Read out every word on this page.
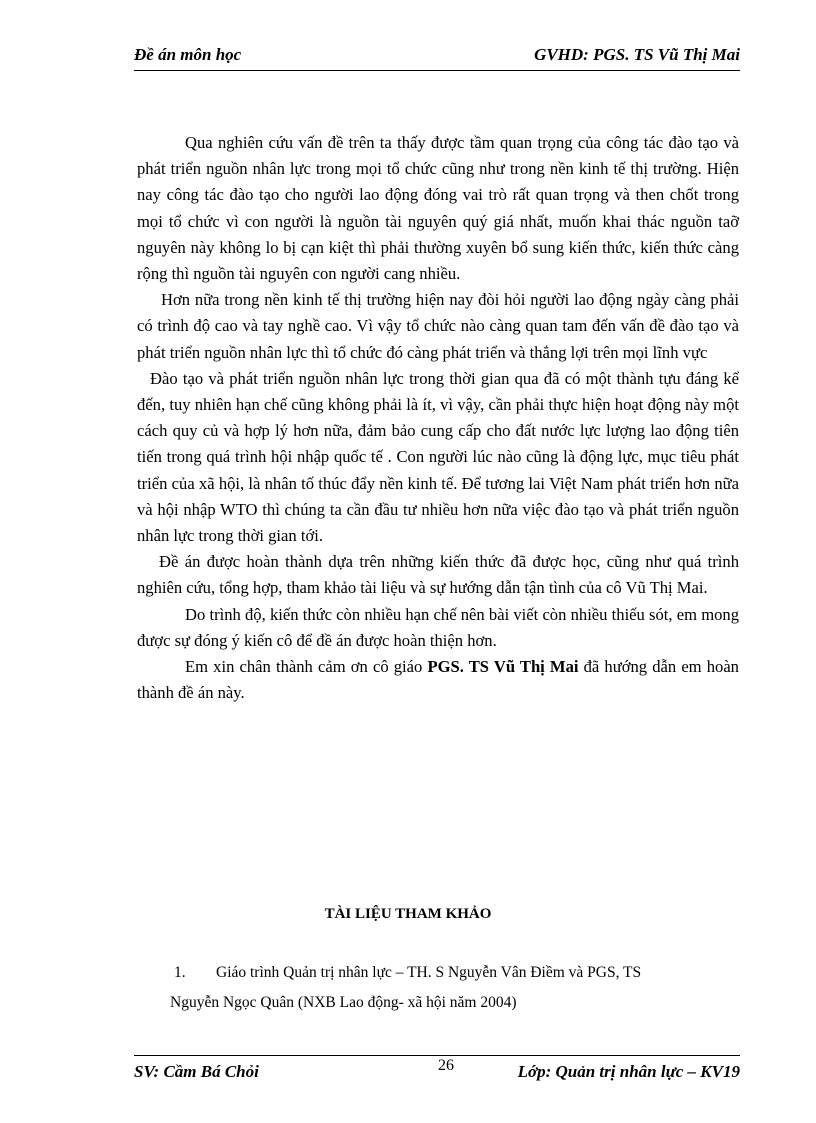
Đề án môn học	GVHD: PGS. TS Vũ Thị Mai

Qua nghiên cứu vấn đề trên ta thấy được tầm quan trọng của công tác đào tạo và phát triển nguồn nhân lực trong mọi tổ chức cũng như trong nền kinh tế thị trường. Hiện nay công tác đào tạo cho người lao động đóng vai trò rất quan trọng và then chốt trong mọi tổ chức vì con người là nguồn tài nguyên quý giá nhất, muốn khai thác nguồn taỡ nguyên này không lo bị cạn kiệt thì phải thường xuyên bổ sung kiến thức, kiến thức càng rộng thì nguồn tài nguyên con người cang nhiều.

Hơn nữa trong nền kinh tế thị trường hiện nay đòi hỏi người lao động ngày càng phải có trình độ cao và tay nghề cao. Vì vậy tổ chức nào càng quan tam đến vấn đề đào tạo và phát triển nguồn nhân lực thì tổ chức đó càng phát triển và thắng lợi trên mọi lĩnh vực

Đào tạo và phát triển nguồn nhân lực trong thời gian qua đã có một thành tựu đáng kể đến, tuy nhiên hạn chế cũng không phải là ít, vì vậy, cần phải thực hiện hoạt động này một cách quy củ và hợp lý hơn nữa, đảm bảo cung cấp cho đất nước lực lượng lao động tiên tiến trong quá trình hội nhập quốc tế . Con người lúc nào cũng là động lực, mục tiêu phát triển của xã hội, là nhân tố thúc đẩy nền kinh tế. Để tương lai Việt Nam phát triển hơn nữa và hội nhập WTO thì chúng ta cần đầu tư nhiều hơn nữa việc đào tạo và phát triển nguồn nhân lực trong thời gian tới.

Đề án được hoàn thành dựa trên những kiến thức đã được học, cũng như quá trình nghiên cứu, tổng hợp, tham khảo tài liệu và sự hướng dẫn tận tình của cô Vũ Thị Mai.

Do trình độ, kiến thức còn nhiều hạn chế nên bài viết còn nhiều thiếu sót, em mong được sự đóng ý kiến cô để đề án được hoàn thiện hơn.

Em xin chân thành cảm ơn cô giáo PGS. TS Vũ Thị Mai đã hướng dẫn em hoàn thành đề án này.

TÀI LIỆU THAM KHẢO
1. Giáo trình Quản trị nhân lực – TH. S Nguyễn Vân Điềm và PGS, TS
Nguyễn Ngọc Quân (NXB Lao động- xã hội năm 2004)
SV: Cầm Bá Chỏi	26	Lớp: Quản trị nhân lực – KV19
